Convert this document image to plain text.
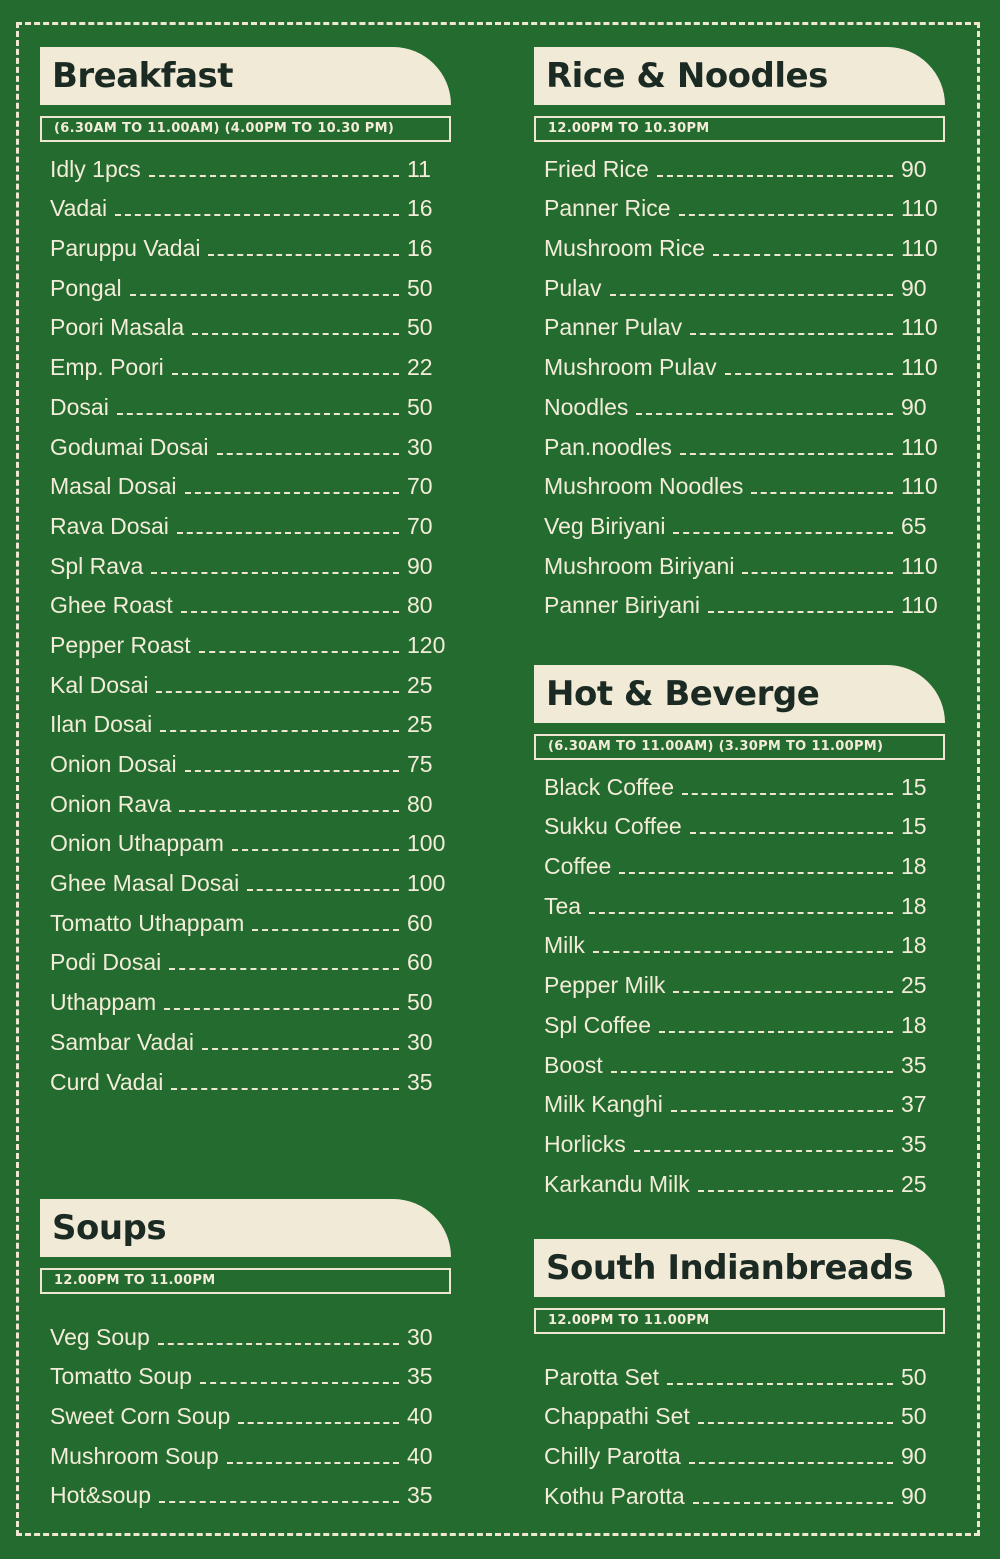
Breakfast
(6.30AM TO 11.00AM) (4.00PM TO 10.30 PM)
Idly 1pcs	11
Vadai	16
Paruppu Vadai	16
Pongal	50
Poori Masala	50
Emp. Poori	22
Dosai	50
Godumai Dosai	30
Masal Dosai	70
Rava Dosai	70
Spl Rava	90
Ghee Roast	80
Pepper Roast	120
Kal Dosai	25
Ilan Dosai	25
Onion Dosai	75
Onion Rava	80
Onion Uthappam	100
Ghee Masal Dosai	100
Tomatto Uthappam	60
Podi Dosai	60
Uthappam	50
Sambar Vadai	30
Curd Vadai	35
Soups
12.00PM TO 11.00PM
Veg Soup	30
Tomatto Soup	35
Sweet Corn Soup	40
Mushroom Soup	40
Hot&soup	35
Rice & Noodles
12.00PM TO 10.30PM
Fried Rice	90
Panner Rice	110
Mushroom Rice	110
Pulav	90
Panner Pulav	110
Mushroom Pulav	110
Noodles	90
Pan.noodles	110
Mushroom Noodles	110
Veg Biriyani	65
Mushroom Biriyani	110
Panner Biriyani	110
Hot & Beverge
(6.30AM TO 11.00AM) (3.30PM TO 11.00PM)
Black Coffee	15
Sukku Coffee	15
Coffee	18
Tea	18
Milk	18
Pepper Milk	25
Spl Coffee	18
Boost	35
Milk Kanghi	37
Horlicks	35
Karkandu Milk	25
South Indianbreads
12.00PM TO 11.00PM
Parotta Set	50
Chappathi Set	50
Chilly Parotta	90
Kothu Parotta	90
